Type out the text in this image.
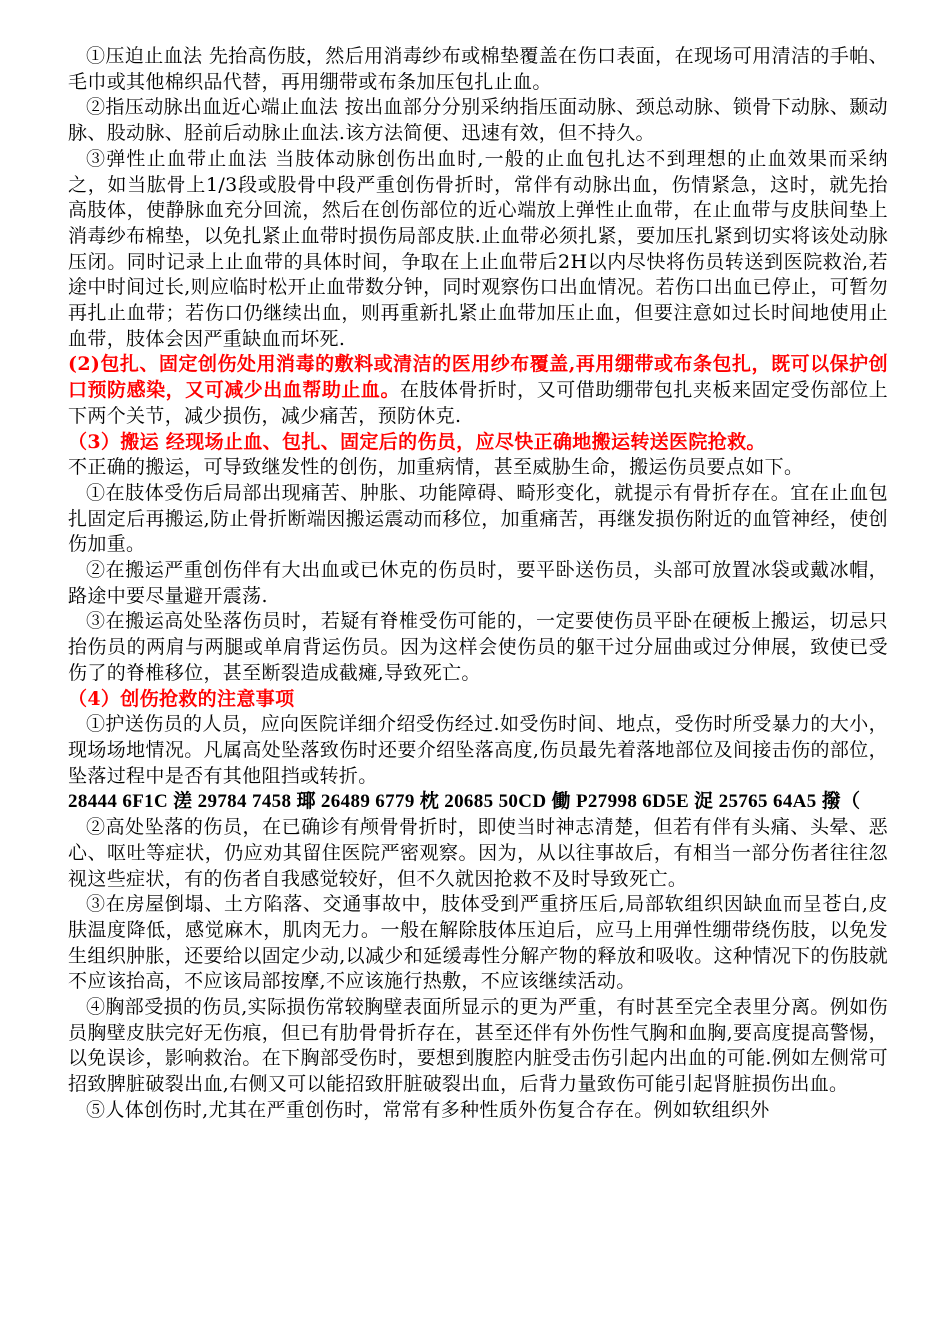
①压迫止血法 先抬高伤肢，然后用消毒纱布或棉垫覆盖在伤口表面，在现场可用清洁的手帕、毛巾或其他棉织品代替，再用绷带或布条加压包扎止血。

②指压动脉出血近心端止血法 按出血部分分别采纳指压面动脉、颈总动脉、锁骨下动脉、颞动脉、股动脉、胫前后动脉止血法.该方法简便、迅速有效，但不持久。

③弹性止血带止血法 当肢体动脉创伤出血时,一般的止血包扎达不到理想的止血效果而采纳之，如当肱骨上1/3段或股骨中段严重创伤骨折时，常伴有动脉出血，伤情紧急，这时，就先抬高肢体，使静脉血充分回流，然后在创伤部位的近心端放上弹性止血带，在止血带与皮肤间垫上消毒纱布棉垫，以免扎紧止血带时损伤局部皮肤.止血带必须扎紧，要加压扎紧到切实将该处动脉压闭。同时记录上止血带的具体时间，争取在上止血带后2H以内尽快将伤员转送到医院救治,若途中时间过长,则应临时松开止血带数分钟，同时观察伤口出血情况。若伤口出血已停止，可暂勿再扎止血带；若伤口仍继续出血，则再重新扎紧止血带加压止血，但要注意如过长时间地使用止血带，肢体会因严重缺血而坏死.

(2)包扎、固定创伤处用消毒的敷料或清洁的医用纱布覆盖,再用绷带或布条包扎，既可以保护创口预防感染，又可减少出血帮助止血。在肢体骨折时，又可借助绷带包扎夹板来固定受伤部位上下两个关节，减少损伤，减少痛苦，预防休克.

（3）搬运 经现场止血、包扎、固定后的伤员，应尽快正确地搬运转送医院抢救。

不正确的搬运，可导致继发性的创伤，加重病情，甚至威胁生命，搬运伤员要点如下。

①在肢体受伤后局部出现痛苦、肿胀、功能障碍、畸形变化，就提示有骨折存在。宜在止血包扎固定后再搬运,防止骨折断端因搬运震动而移位，加重痛苦，再继发损伤附近的血管神经，使创伤加重。

②在搬运严重创伤伴有大出血或已休克的伤员时，要平卧送伤员，头部可放置冰袋或戴冰帽，路途中要尽量避开震荡.

③在搬运高处坠落伤员时，若疑有脊椎受伤可能的，一定要使伤员平卧在硬板上搬运，切忌只抬伤员的两肩与两腿或单肩背运伤员。因为这样会使伤员的躯干过分屈曲或过分伸展，致使已受伤了的脊椎移位，甚至断裂造成截瘫,导致死亡。

（4）创伤抢救的注意事项

①护送伤员的人员，应向医院详细介绍受伤经过.如受伤时间、地点，受伤时所受暴力的大小，现场场地情况。凡属高处坠落致伤时还要介绍坠落高度,伤员最先着落地部位及间接击伤的部位，坠落过程中是否有其他阻挡或转折。

28444 6F1C 溠 29784 7458 瑘 26489 6779 枕 20685 50CD 働 P27998 6D5E 浞 25765 64A5 撥（

②高处坠落的伤员，在已确诊有颅骨骨折时，即使当时神志清楚，但若有伴有头痛、头晕、恶心、呕吐等症状，仍应劝其留住医院严密观察。因为，从以往事故后，有相当一部分伤者往往忽视这些症状，有的伤者自我感觉较好，但不久就因抢救不及时导致死亡。

③在房屋倒塌、土方陷落、交通事故中，肢体受到严重挤压后,局部软组织因缺血而呈苍白,皮肤温度降低，感觉麻木，肌肉无力。一般在解除肢体压迫后，应马上用弹性绷带绕伤肢，以免发生组织肿胀，还要给以固定少动,以减少和延缓毒性分解产物的释放和吸收。这种情况下的伤肢就不应该抬高，不应该局部按摩,不应该施行热敷，不应该继续活动。

④胸部受损的伤员,实际损伤常较胸壁表面所显示的更为严重，有时甚至完全表里分离。例如伤员胸壁皮肤完好无伤痕，但已有肋骨骨折存在，甚至还伴有外伤性气胸和血胸,要高度提高警惕，以免误诊，影响救治。在下胸部受伤时，要想到腹腔内脏受击伤引起内出血的可能.例如左侧常可招致脾脏破裂出血,右侧又可以能招致肝脏破裂出血，后背力量致伤可能引起肾脏损伤出血。

⑤人体创伤时,尤其在严重创伤时，常常有多种性质外伤复合存在。例如软组织外
